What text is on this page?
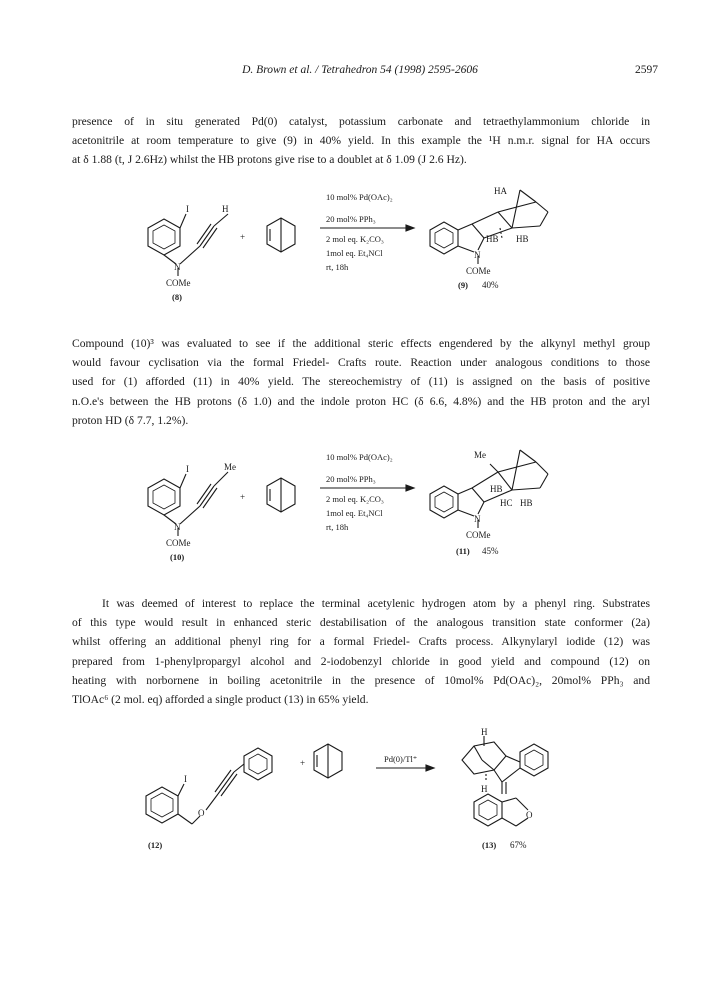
D. Brown et al. / Tetrahedron 54 (1998) 2595-2606	2597
presence of in situ generated Pd(0) catalyst, potassium carbonate and tetraethylammonium chloride in
acetonitrile at room temperature to give (9) in 40% yield. In this example the ¹H n.m.r. signal for HA occurs
at δ 1.88 (t, J 2.6Hz) whilst the HB protons give rise to a doublet at δ 1.09 (J 2.6 Hz).
H
I
N
COMe
(8)
+
10 mol% Pd(OAc)₂
20 mol% PPh₃
2 mol eq. K₂CO₃
1mol eq. Et₄NCl
rt, 18h
HA
HB HB
N
COMe
(9) 40%
Compound (10)³ was evaluated to see if the additional steric effects engendered by the alkynyl methyl group
would favour cyclisation via the formal Friedel- Crafts route. Reaction under analogous conditions to those
used for (1) afforded (11) in 40% yield. The stereochemistry of (11) is assigned on the basis of positive
n.O.e's between the HB protons (δ 1.0) and the indole proton HC (δ 6.6, 4.8%) and the HB proton and the aryl
proton HD (δ 7.7, 1.2%).
Me
I
N
COMe
(10)
+
10 mol% Pd(OAc)₂
20 mol% PPh₃
2 mol eq. K₂CO₃
1mol eq. Et₄NCl
rt, 18h
Me
HB
HC HB
N
COMe
(11) 45%
It was deemed of interest to replace the terminal acetylenic hydrogen atom by a phenyl ring. Substrates
of this type would result in enhanced steric destabilisation of the analogous transition state conformer (2a)
whilst offering an additional phenyl ring for a formal Friedel- Crafts process. Alkynylaryl iodide (12) was
prepared from 1-phenylpropargyl alcohol and 2-iodobenzyl chloride in good yield and compound (12) on
heating with norbornene in boiling acetonitrile in the presence of 10mol% Pd(OAc)₂, 20mol% PPh₃ and
TlOAc⁶ (2 mol. eq) afforded a single product (13) in 65% yield.
I
O
(12)
+	Pd(0)/Tl⁺
H
H
O
(13) 67%
